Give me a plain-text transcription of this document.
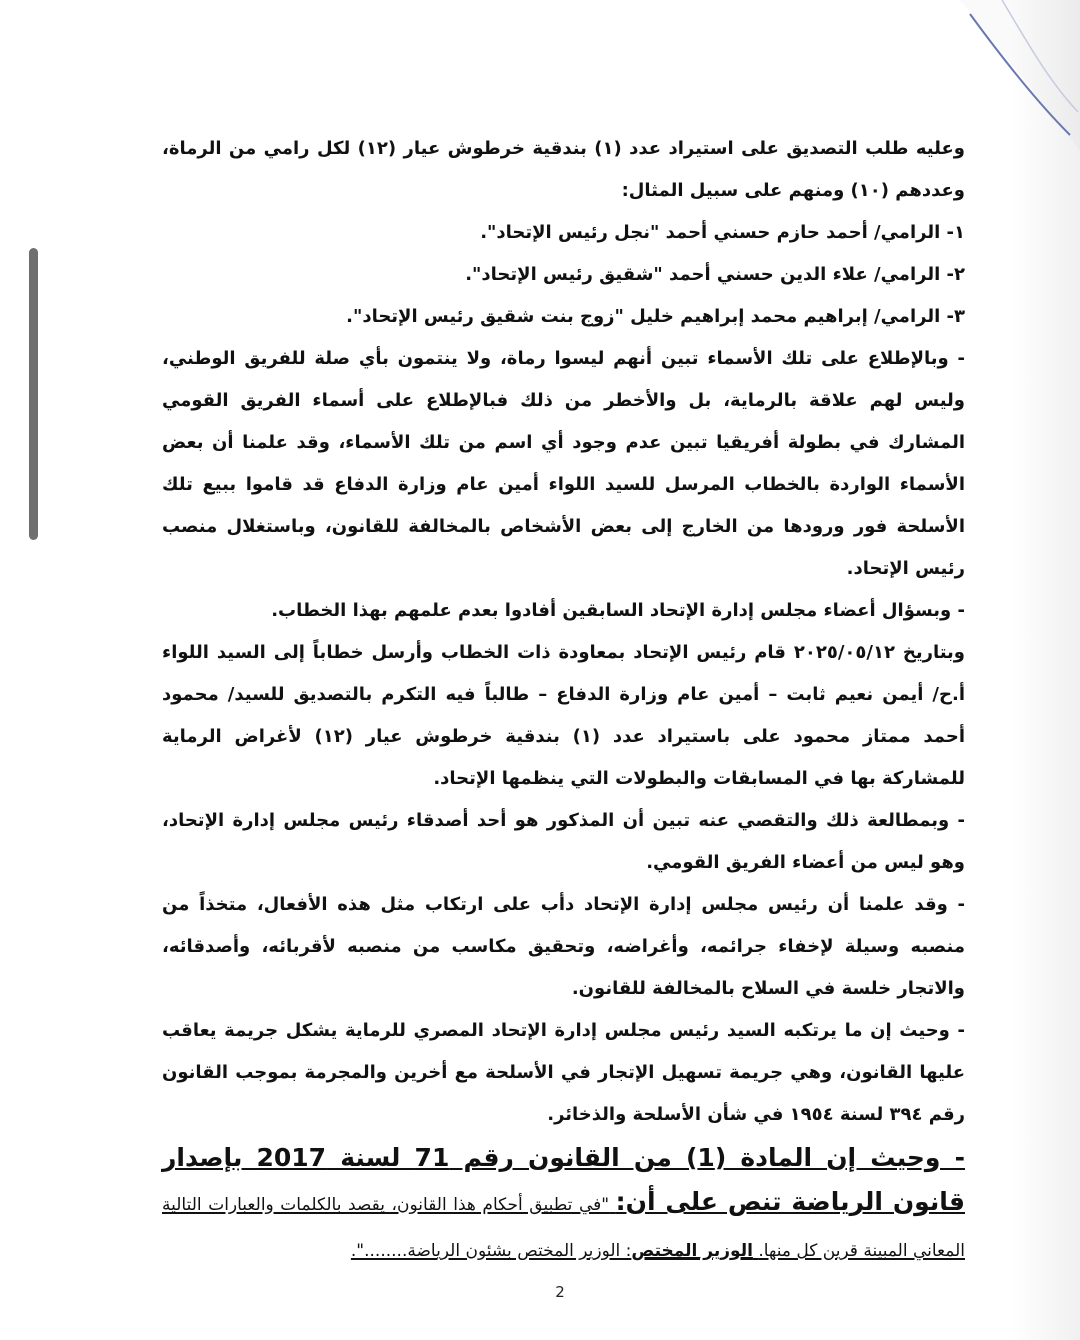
وعليه طلب التصديق على استيراد عدد (١) بندقية خرطوش عيار (١٢) لكل رامي من الرماة، وعددهم (١٠) ومنهم على سبيل المثال:

١- الرامي/ أحمد حازم حسني أحمد "نجل رئيس الإتحاد".

٢- الرامي/ علاء الدين حسني أحمد "شقيق رئيس الإتحاد".

٣- الرامي/ إبراهيم محمد إبراهيم خليل "زوج بنت شقيق رئيس الإتحاد".

- وبالإطلاع على تلك الأسماء تبين أنهم ليسوا رماة، ولا ينتمون بأي صلة للفريق الوطني، وليس لهم علاقة بالرماية، بل والأخطر من ذلك فبالإطلاع على أسماء الفريق القومي المشارك في بطولة أفريقيا تبين عدم وجود أي اسم من تلك الأسماء، وقد علمنا أن بعض الأسماء الواردة بالخطاب المرسل للسيد اللواء أمين عام وزارة الدفاع قد قاموا ببيع تلك الأسلحة فور ورودها من الخارج إلى بعض الأشخاص بالمخالفة للقانون، وباستغلال منصب رئيس الإتحاد.

- وبسؤال أعضاء مجلس إدارة الإتحاد السابقين أفادوا بعدم علمهم بهذا الخطاب.

وبتاريخ ٢٠٢٥/٠٥/١٢ قام رئيس الإتحاد بمعاودة ذات الخطاب وأرسل خطاباً إلى السيد اللواء أ.ح/ أيمن نعيم ثابت – أمين عام وزارة الدفاع – طالباً فيه التكرم بالتصديق للسيد/ محمود أحمد ممتاز محمود على باستيراد عدد (١) بندقية خرطوش عيار (١٢) لأغراض الرماية للمشاركة بها في المسابقات والبطولات التي ينظمها الإتحاد.

- وبمطالعة ذلك والتقصي عنه تبين أن المذكور هو أحد أصدقاء رئيس مجلس إدارة الإتحاد، وهو ليس من أعضاء الفريق القومي.

- وقد علمنا أن رئيس مجلس إدارة الإتحاد دأب على ارتكاب مثل هذه الأفعال، متخذاً من منصبه وسيلة لإخفاء جرائمه، وأغراضه، وتحقيق مكاسب من منصبه لأقربائه، وأصدقائه، والاتجار خلسة في السلاح بالمخالفة للقانون.

- وحيث إن ما يرتكبه السيد رئيس مجلس إدارة الإتحاد المصري للرماية يشكل جريمة يعاقب عليها القانون، وهي جريمة تسهيل الإتجار في الأسلحة مع أخرين والمجرمة بموجب القانون رقم ٣٩٤ لسنة ١٩٥٤ في شأن الأسلحة والذخائر.

- وحيث إن المادة (1) من القانون رقم 71 لسنة 2017 بإصدار قانون الرياضة تنص على أن: "في تطبيق أحكام هذا القانون، يقصد بالكلمات والعبارات التالية المعاني المبينة قرين كل منها. الوزير المختص: الوزير المختص بشئون الرياضة........".

2
